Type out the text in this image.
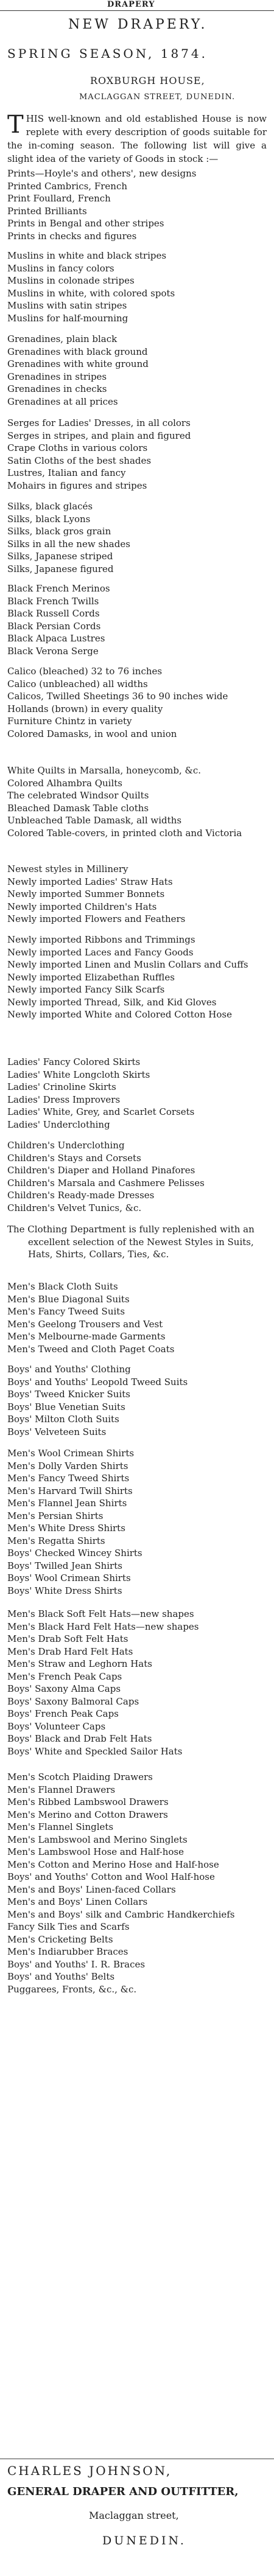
DRAPERY
NEW DRAPERY.
SPRING SEASON, 1874.
ROXBURGH HOUSE,
MACLAGGAN STREET, DUNEDIN.
THIS well-known and old established House is now replete with every description of goods suitable for the in-coming season. The following list will give a slight idea of the variety of Goods in stock :—
Prints—Hoyle's and others', new designs
Printed Cambrics, French
Print Foullard, French
Printed Brilliants
Prints in Bengal and other stripes
Prints in checks and figures
Muslins in white and black stripes
Muslins in fancy colors
Muslins in colonade stripes
Muslins in white, with colored spots
Muslins with satin stripes
Muslins for half-mourning
Grenadines, plain black
Grenadines with black ground
Grenadines with white ground
Grenadines in stripes
Grenadines in checks
Grenadines at all prices
Serges for Ladies' Dresses, in all colors
Serges in stripes, and plain and figured
Crape Cloths in various colors
Satin Cloths of the best shades
Lustres, Italian and fancy
Mohairs in figures and stripes
Silks, black glacés
Silks, black Lyons
Silks, black gros grain
Silks in all the new shades
Silks, Japanese striped
Silks, Japanese figured
Black French Merinos
Black French Twills
Black Russell Cords
Black Persian Cords
Black Alpaca Lustres
Black Verona Serge
Calico (bleached) 32 to 76 inches
Calico (unbleached) all widths
Calicos, Twilled Sheetings 36 to 90 inches wide
Hollands (brown) in every quality
Furniture Chintz in variety
Colored Damasks, in wool and union
White Quilts in Marsalla, honeycomb, &c.
Colored Alhambra Quilts
The celebrated Windsor Quilts
Bleached Damask Table cloths
Unbleached Table Damask, all widths
Colored Table-covers, in printed cloth and Victoria
Newest styles in Millinery
Newly imported Ladies' Straw Hats
Newly imported Summer Bonnets
Newly imported Children's Hats
Newly imported Flowers and Feathers
Newly imported Ribbons and Trimmings
Newly imported Laces and Fancy Goods
Newly imported Linen and Muslin Collars and Cuffs
Newly imported Elizabethan Ruffles
Newly imported Fancy Silk Scarfs
Newly imported Thread, Silk, and Kid Gloves
Newly imported White and Colored Cotton Hose
Ladies' Fancy Colored Skirts
Ladies' White Longcloth Skirts
Ladies' Crinoline Skirts
Ladies' Dress Improvers
Ladies' White, Grey, and Scarlet Corsets
Ladies' Underclothing
Children's Underclothing
Children's Stays and Corsets
Children's Diaper and Holland Pinafores
Children's Marsala and Cashmere Pelisses
Children's Ready-made Dresses
Children's Velvet Tunics, &c.
The Clothing Department is fully replenished with an excellent selection of the Newest Styles in Suits, Hats, Shirts, Collars, Ties, &c.
Men's Black Cloth Suits
Men's Blue Diagonal Suits
Men's Fancy Tweed Suits
Men's Geelong Trousers and Vest
Men's Melbourne-made Garments
Men's Tweed and Cloth Paget Coats
Boys' and Youths' Clothing
Boys' and Youths' Leopold Tweed Suits
Boys' Tweed Knicker Suits
Boys' Blue Venetian Suits
Boys' Milton Cloth Suits
Boys' Velveteen Suits
Men's Wool Crimean Shirts
Men's Dolly Varden Shirts
Men's Fancy Tweed Shirts
Men's Harvard Twill Shirts
Men's Flannel Jean Shirts
Men's Persian Shirts
Men's White Dress Shirts
Men's Regatta Shirts
Boys' Checked Wincey Shirts
Boys' Twilled Jean Shirts
Boys' Wool Crimean Shirts
Boys' White Dress Shirts
Men's Black Soft Felt Hats—new shapes
Men's Black Hard Felt Hats—new shapes
Men's Drab Soft Felt Hats
Men's Drab Hard Felt Hats
Men's Straw and Leghorn Hats
Men's French Peak Caps
Boys' Saxony Alma Caps
Boys' Saxony Balmoral Caps
Boys' French Peak Caps
Boys' Volunteer Caps
Boys' Black and Drab Felt Hats
Boys' White and Speckled Sailor Hats
Men's Scotch Plaiding Drawers
Men's Flannel Drawers
Men's Ribbed Lambswool Drawers
Men's Merino and Cotton Drawers
Men's Flannel Singlets
Men's Lambswool and Merino Singlets
Men's Lambswool Hose and Half-hose
Men's Cotton and Merino Hose and Half-hose
Boys' and Youths' Cotton and Wool Half-hose
Men's and Boys' Linen-faced Collars
Men's and Boys' Linen Collars
Men's and Boys' silk and Cambric Handkerchiefs
Fancy Silk Ties and Scarfs
Men's Cricketing Belts
Men's Indiarubber Braces
Boys' and Youths' I. R. Braces
Boys' and Youths' Belts
Puggarees, Fronts, &c., &c.
CHARLES JOHNSON,
GENERAL DRAPER AND OUTFITTER,
Maclaggan street,
DUNEDIN.
